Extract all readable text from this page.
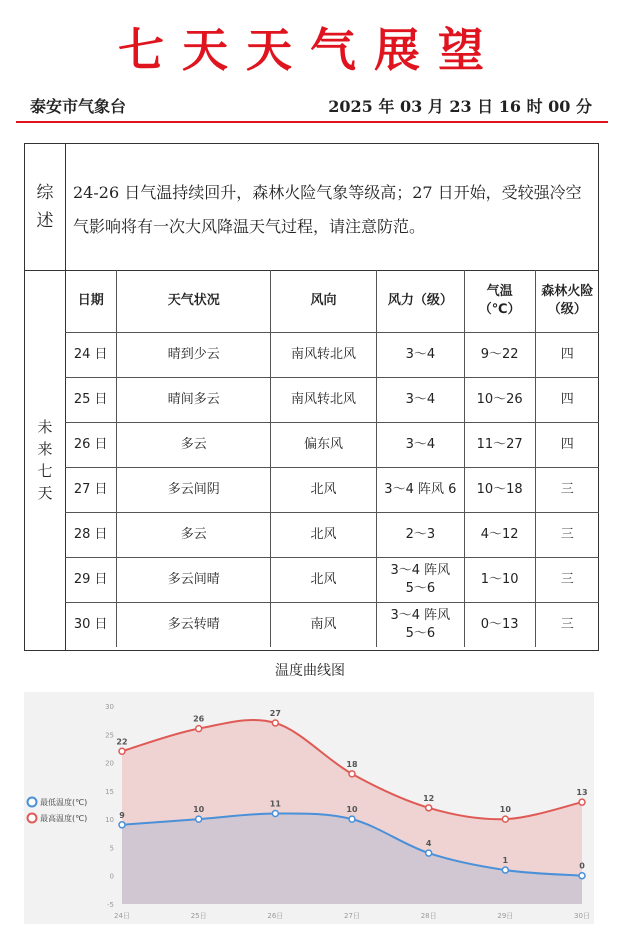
七天天气展望
泰安市气象台	2025 年 03 月 23 日 16 时 00 分
综
述
24-26 日气温持续回升，森林火险气象等级高；27 日开始，受较强冷空气影响将有一次大风降温天气过程，请注意防范。
未
来
七
天
日期	天气状况	风向	风力（级）	气温（℃）	森林火险（级）
24 日	晴到少云	南风转北风	3～4	9～22	四
25 日	晴间多云	南风转北风	3～4	10～26	四
26 日	多云	偏东风	3～4	11～27	四
27 日	多云间阴	北风	3～4 阵风 6	10～18	三
28 日	多云	北风	2～3	4～12	三
29 日	多云间晴	北风	3～4 阵风 5～6	1～10	三
30 日	多云转晴	南风	3～4 阵风 5～6	0～13	三
温度曲线图
-5
0
5
10
15
20
25
30
24日	25日	26日	27日	28日	29日	30日
22
26
27
18
12
10
13
9
10
11
10
4
1
0
最低温度(℃)
最高温度(℃)
